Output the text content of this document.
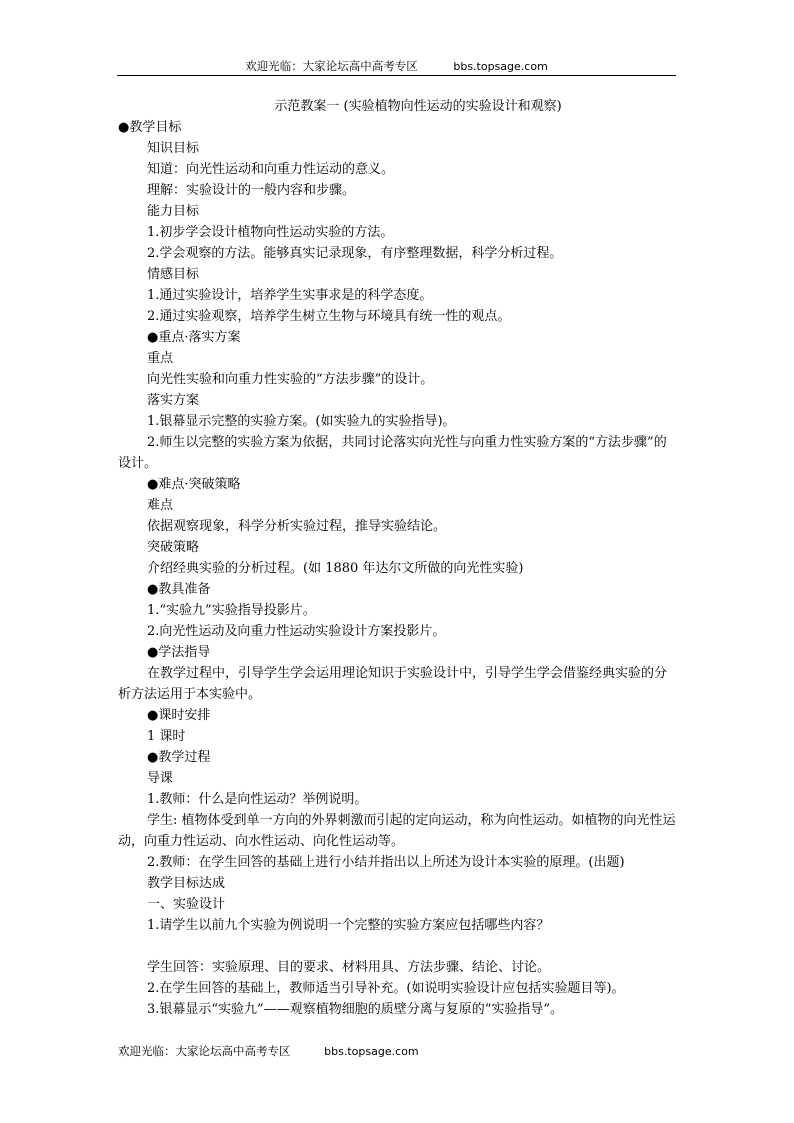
欢迎光临：大家论坛高中高考专区	bbs.topsage.com
示范教案一 (实验植物向性运动的实验设计和观察)
●教学目标
知识目标
知道：向光性运动和向重力性运动的意义。
理解：实验设计的一般内容和步骤。
能力目标
1.初步学会设计植物向性运动实验的方法。
2.学会观察的方法。能够真实记录现象，有序整理数据，科学分析过程。
情感目标
1.通过实验设计，培养学生实事求是的科学态度。
2.通过实验观察，培养学生树立生物与环境具有统一性的观点。
●重点·落实方案
重点
向光性实验和向重力性实验的“方法步骤”的设计。
落实方案
1.银幕显示完整的实验方案。(如实验九的实验指导)。
2.师生以完整的实验方案为依据，共同讨论落实向光性与向重力性实验方案的“方法步骤”的设计。
●难点·突破策略
难点
依据观察现象，科学分析实验过程，推导实验结论。
突破策略
介绍经典实验的分析过程。(如 1880 年达尔文所做的向光性实验)
●教具准备
1.“实验九”实验指导投影片。
2.向光性运动及向重力性运动实验设计方案投影片。
●学法指导
在教学过程中，引导学生学会运用理论知识于实验设计中，引导学生学会借鉴经典实验的分析方法运用于本实验中。
●课时安排
1 课时
●教学过程
导课
1.教师：什么是向性运动？举例说明。
学生: 植物体受到单一方向的外界刺激而引起的定向运动，称为向性运动。如植物的向光性运动，向重力性运动、向水性运动、向化性运动等。
2.教师：在学生回答的基础上进行小结并指出以上所述为设计本实验的原理。(出题)
教学目标达成
一、实验设计
1.请学生以前九个实验为例说明一个完整的实验方案应包括哪些内容？
学生回答：实验原理、目的要求、材料用具、方法步骤、结论、讨论。
2.在学生回答的基础上，教师适当引导补充。(如说明实验设计应包括实验题目等)。
3.银幕显示“实验九”——观察植物细胞的质壁分离与复原的“实验指导”。
欢迎光临：大家论坛高中高考专区	bbs.topsage.com
